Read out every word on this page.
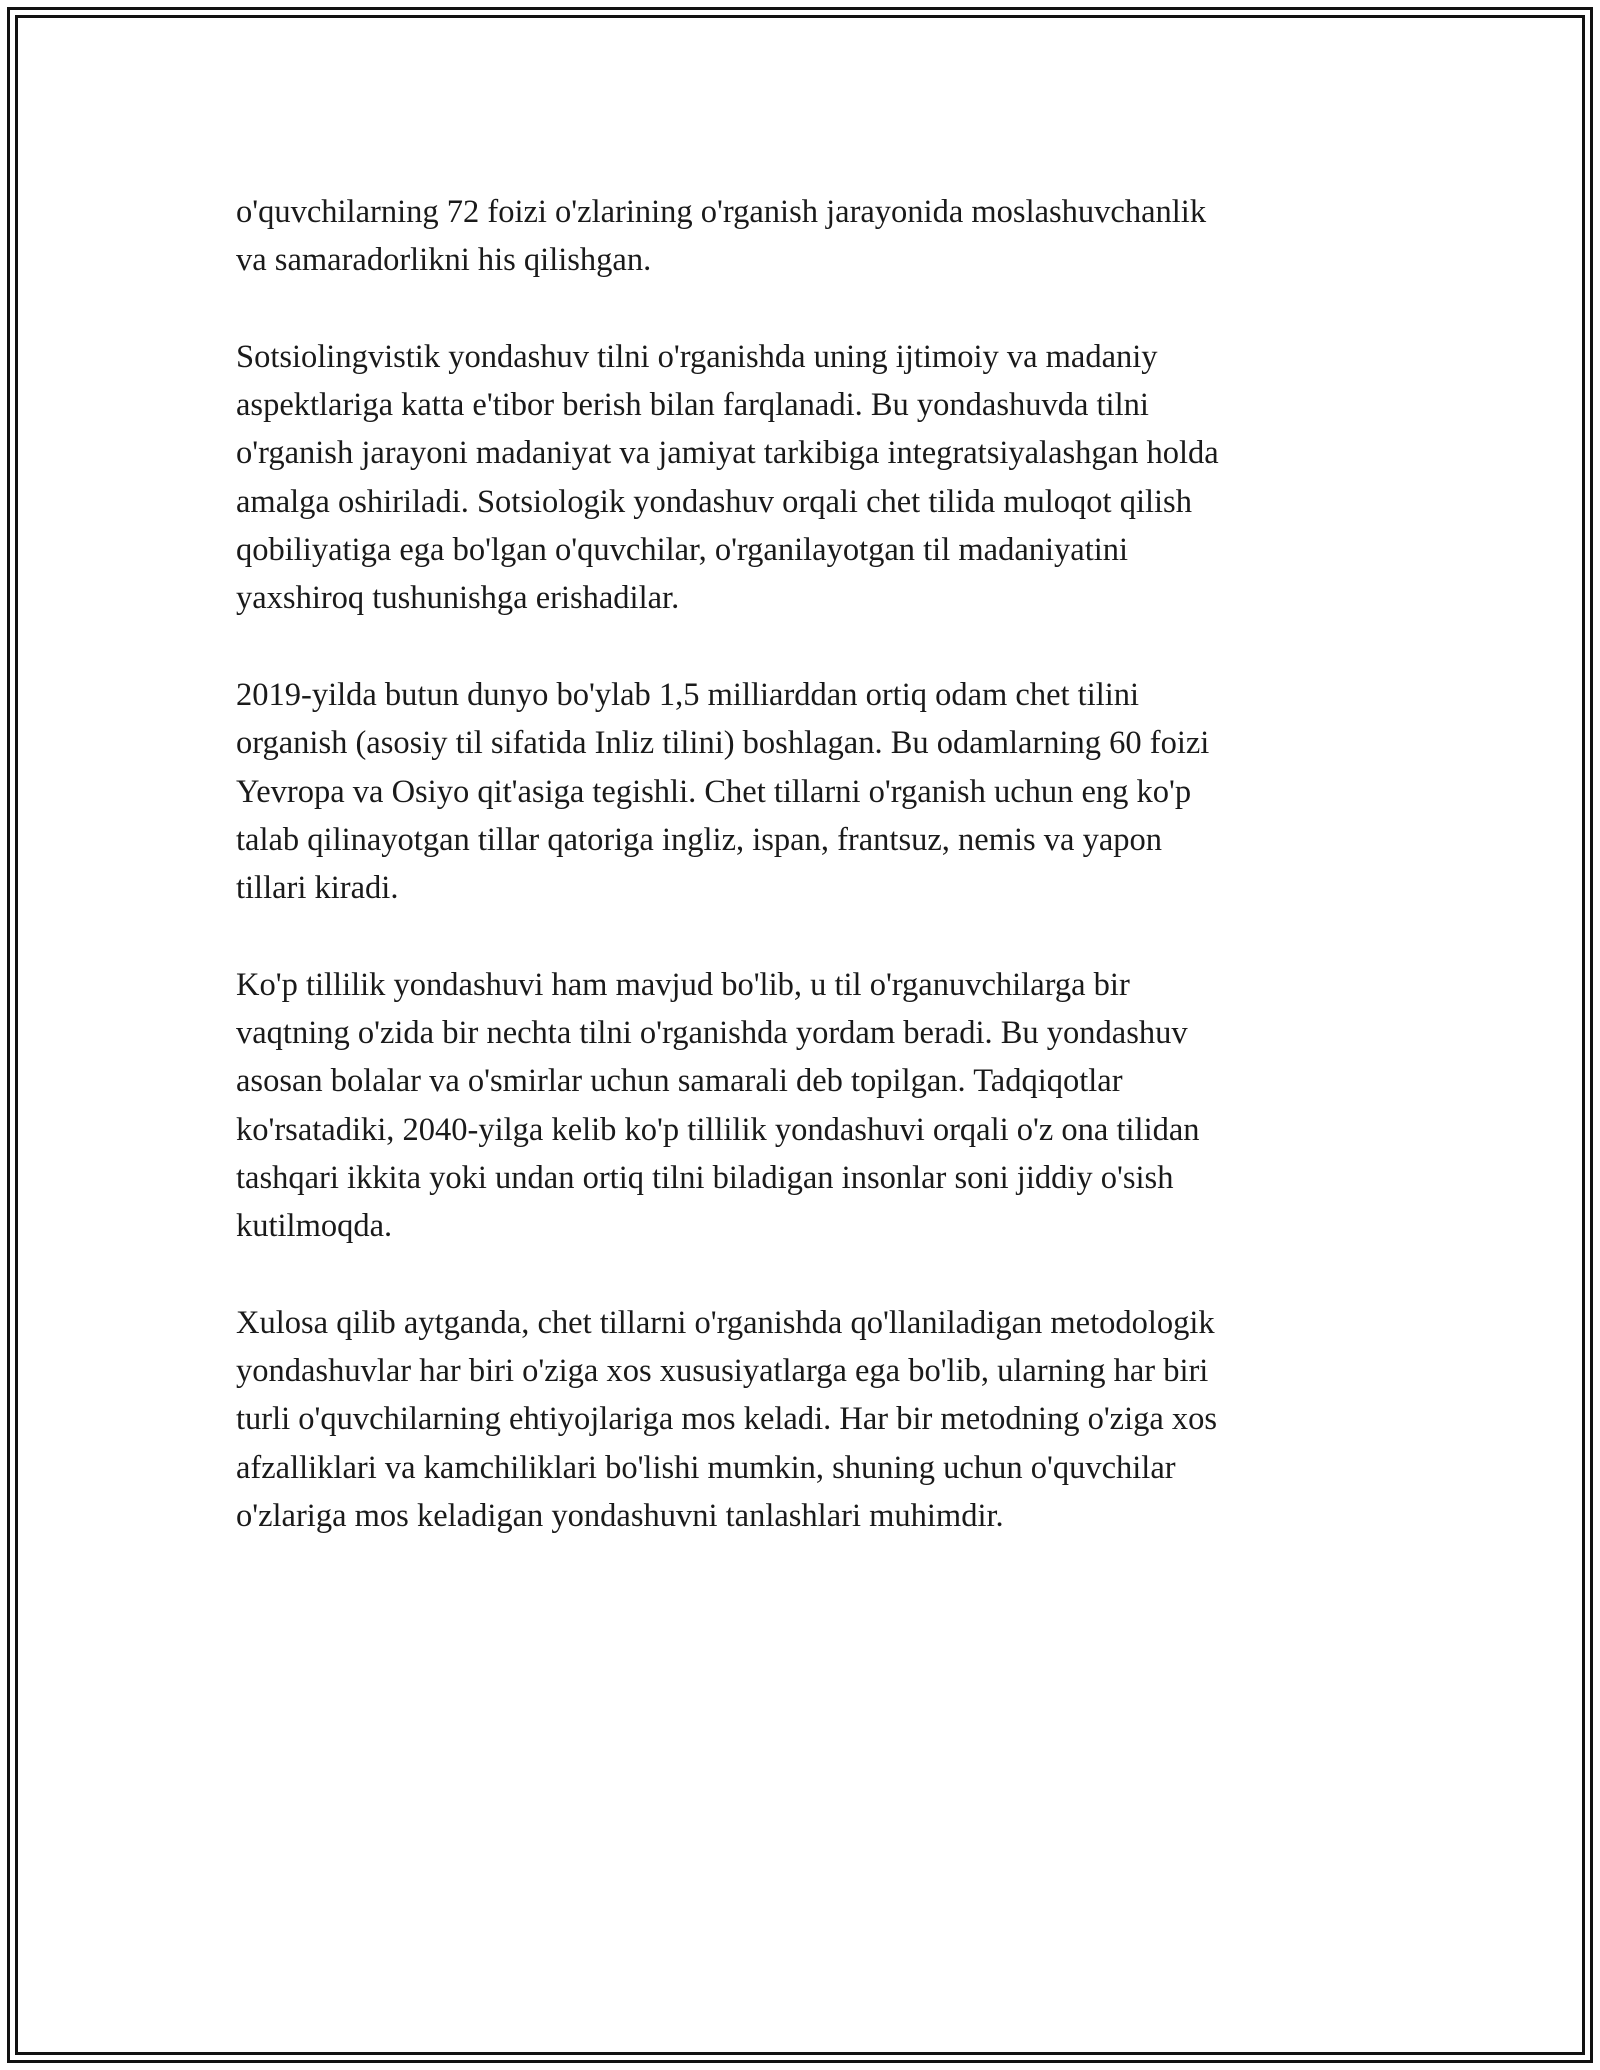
o'quvchilarning 72 foizi o'zlarining o'rganish jarayonida moslashuvchanlik
va samaradorlikni his qilishgan.

Sotsiolingvistik yondashuv tilni o'rganishda uning ijtimoiy va madaniy
aspektlariga katta e'tibor berish bilan farqlanadi. Bu yondashuvda tilni
o'rganish jarayoni madaniyat va jamiyat tarkibiga integratsiyalashgan holda
amalga oshiriladi. Sotsiologik yondashuv orqali chet tilida muloqot qilish
qobiliyatiga ega bo'lgan o'quvchilar, o'rganilayotgan til madaniyatini
yaxshiroq tushunishga erishadilar.

2019-yilda butun dunyo bo'ylab 1,5 milliarddan ortiq odam chet tilini
organish (asosiy til sifatida Inliz tilini) boshlagan. Bu odamlarning 60 foizi
Yevropa va Osiyo qit'asiga tegishli. Chet tillarni o'rganish uchun eng ko'p
talab qilinayotgan tillar qatoriga ingliz, ispan, frantsuz, nemis va yapon
tillari kiradi.

Ko'p tillilik yondashuvi ham mavjud bo'lib, u til o'rganuvchilarga bir
vaqtning o'zida bir nechta tilni o'rganishda yordam beradi. Bu yondashuv
asosan bolalar va o'smirlar uchun samarali deb topilgan. Tadqiqotlar
ko'rsatadiki, 2040-yilga kelib ko'p tillilik yondashuvi orqali o'z ona tilidan
tashqari ikkita yoki undan ortiq tilni biladigan insonlar soni jiddiy o'sish
kutilmoqda.

Xulosa qilib aytganda, chet tillarni o'rganishda qo'llaniladigan metodologik
yondashuvlar har biri o'ziga xos xususiyatlarga ega bo'lib, ularning har biri
turli o'quvchilarning ehtiyojlariga mos keladi. Har bir metodning o'ziga xos
afzalliklari va kamchiliklari bo'lishi mumkin, shuning uchun o'quvchilar
o'zlariga mos keladigan yondashuvni tanlashlari muhimdir.
